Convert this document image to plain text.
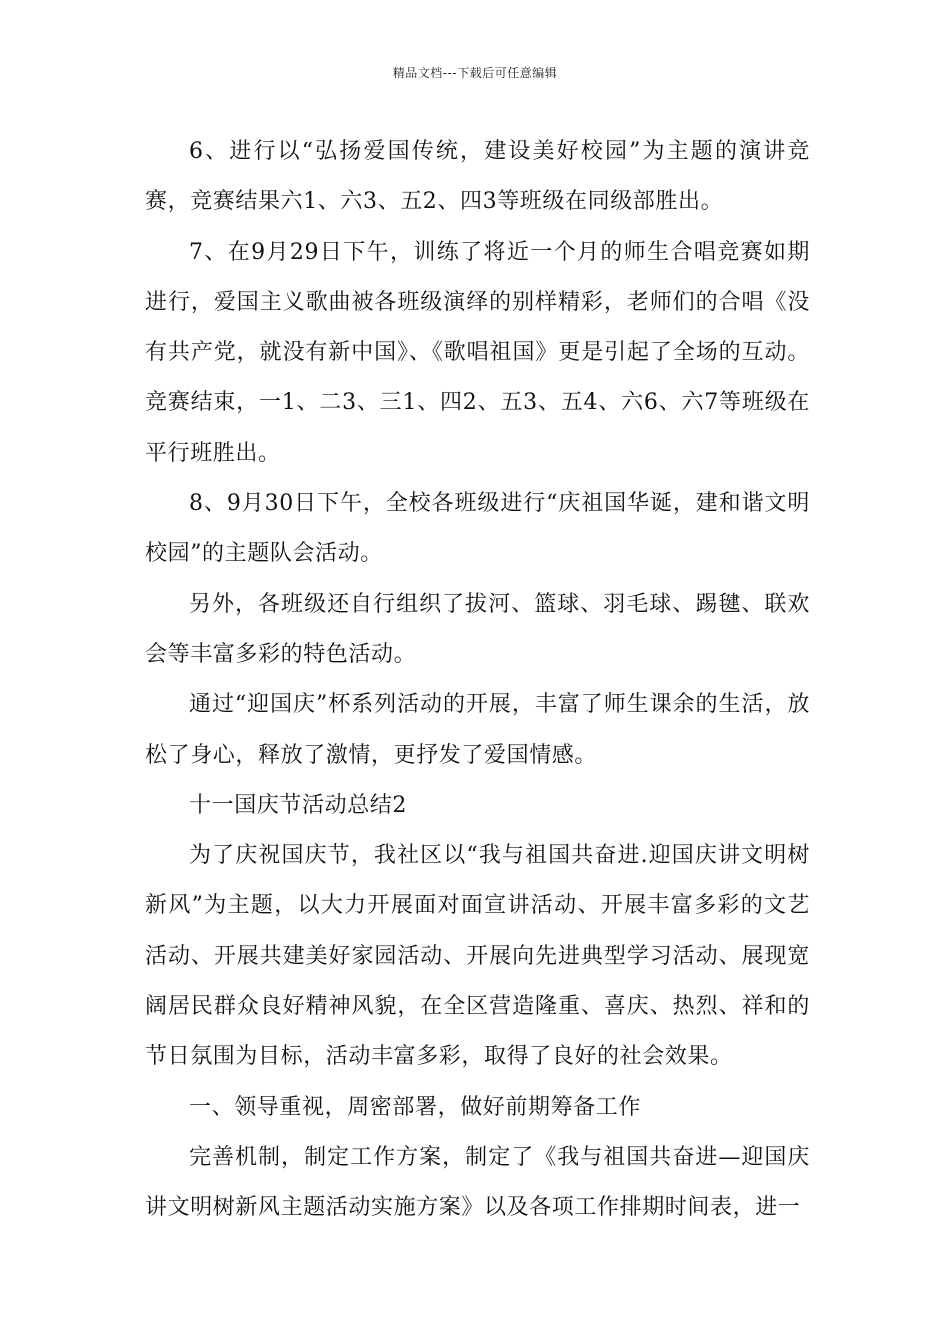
精品文档---下载后可任意编辑

6、进行以“弘扬爱国传统，建设美好校园”为主题的演讲竞赛，竞赛结果六1、六3、五2、四3等班级在同级部胜出。

7、在9月29日下午，训练了将近一个月的师生合唱竞赛如期进行，爱国主义歌曲被各班级演绎的别样精彩，老师们的合唱《没有共产党，就没有新中国》、《歌唱祖国》更是引起了全场的互动。竞赛结束，一1、二3、三1、四2、五3、五4、六6、六7等班级在平行班胜出。

8、9月30日下午，全校各班级进行“庆祖国华诞，建和谐文明校园”的主题队会活动。

另外，各班级还自行组织了拔河、篮球、羽毛球、踢毽、联欢会等丰富多彩的特色活动。

通过“迎国庆”杯系列活动的开展，丰富了师生课余的生活，放松了身心，释放了激情，更抒发了爱国情感。

十一国庆节活动总结2

为了庆祝国庆节，我社区以“我与祖国共奋进.迎国庆讲文明树新风”为主题，以大力开展面对面宣讲活动、开展丰富多彩的文艺活动、开展共建美好家园活动、开展向先进典型学习活动、展现宽阔居民群众良好精神风貌，在全区营造隆重、喜庆、热烈、祥和的节日氛围为目标，活动丰富多彩，取得了良好的社会效果。

一、领导重视，周密部署，做好前期筹备工作

完善机制，制定工作方案，制定了《我与祖国共奋进—迎国庆讲文明树新风主题活动实施方案》以及各项工作排期时间表，进一
